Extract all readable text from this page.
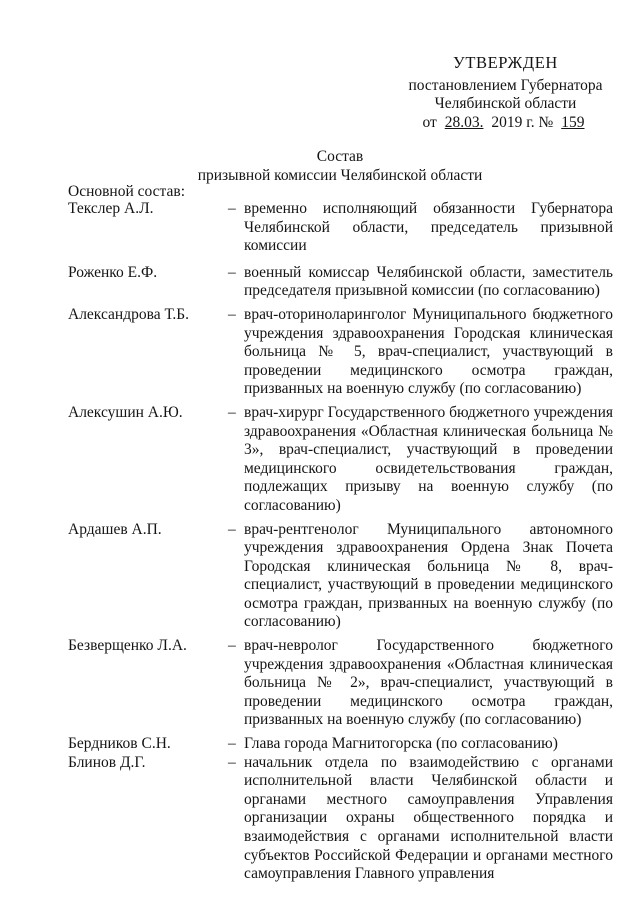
УТВЕРЖДЕН
постановлением Губернатора
Челябинской области
от 28.03. 2019 г. № 159
Состав
призывной комиссии Челябинской области
Основной состав:
Текслер А.Л.	– временно исполняющий обязанности Губернатора Челябинской области, председатель призывной комиссии
Роженко Е.Ф.	– военный комиссар Челябинской области, заместитель председателя призывной комиссии (по согласованию)
Александрова Т.Б.	– врач-оториноларинголог Муниципального бюджетного учреждения здравоохранения Городская клиническая больница № 5, врач-специалист, участвующий в проведении медицинского осмотра граждан, призванных на военную службу (по согласованию)
Алексушин А.Ю.	– врач-хирург Государственного бюджетного учреждения здравоохранения «Областная клиническая больница № 3», врач-специалист, участвующий в проведении медицинского освидетельствования граждан, подлежащих призыву на военную службу (по согласованию)
Ардашев А.П.	– врач-рентгенолог Муниципального автономного учреждения здравоохранения Ордена Знак Почета Городская клиническая больница № 8, врач-специалист, участвующий в проведении медицинского осмотра граждан, призванных на военную службу (по согласованию)
Безверщенко Л.А.	– врач-невролог Государственного бюджетного учреждения здравоохранения «Областная клиническая больница № 2», врач-специалист, участвующий в проведении медицинского осмотра граждан, призванных на военную службу (по согласованию)
Бердников С.Н.	– Глава города Магнитогорска (по согласованию)
Блинов Д.Г.	– начальник отдела по взаимодействию с органами исполнительной власти Челябинской области и органами местного самоуправления Управления организации охраны общественного порядка и взаимодействия с органами исполнительной власти субъектов Российской Федерации и органами местного самоуправления Главного управления
